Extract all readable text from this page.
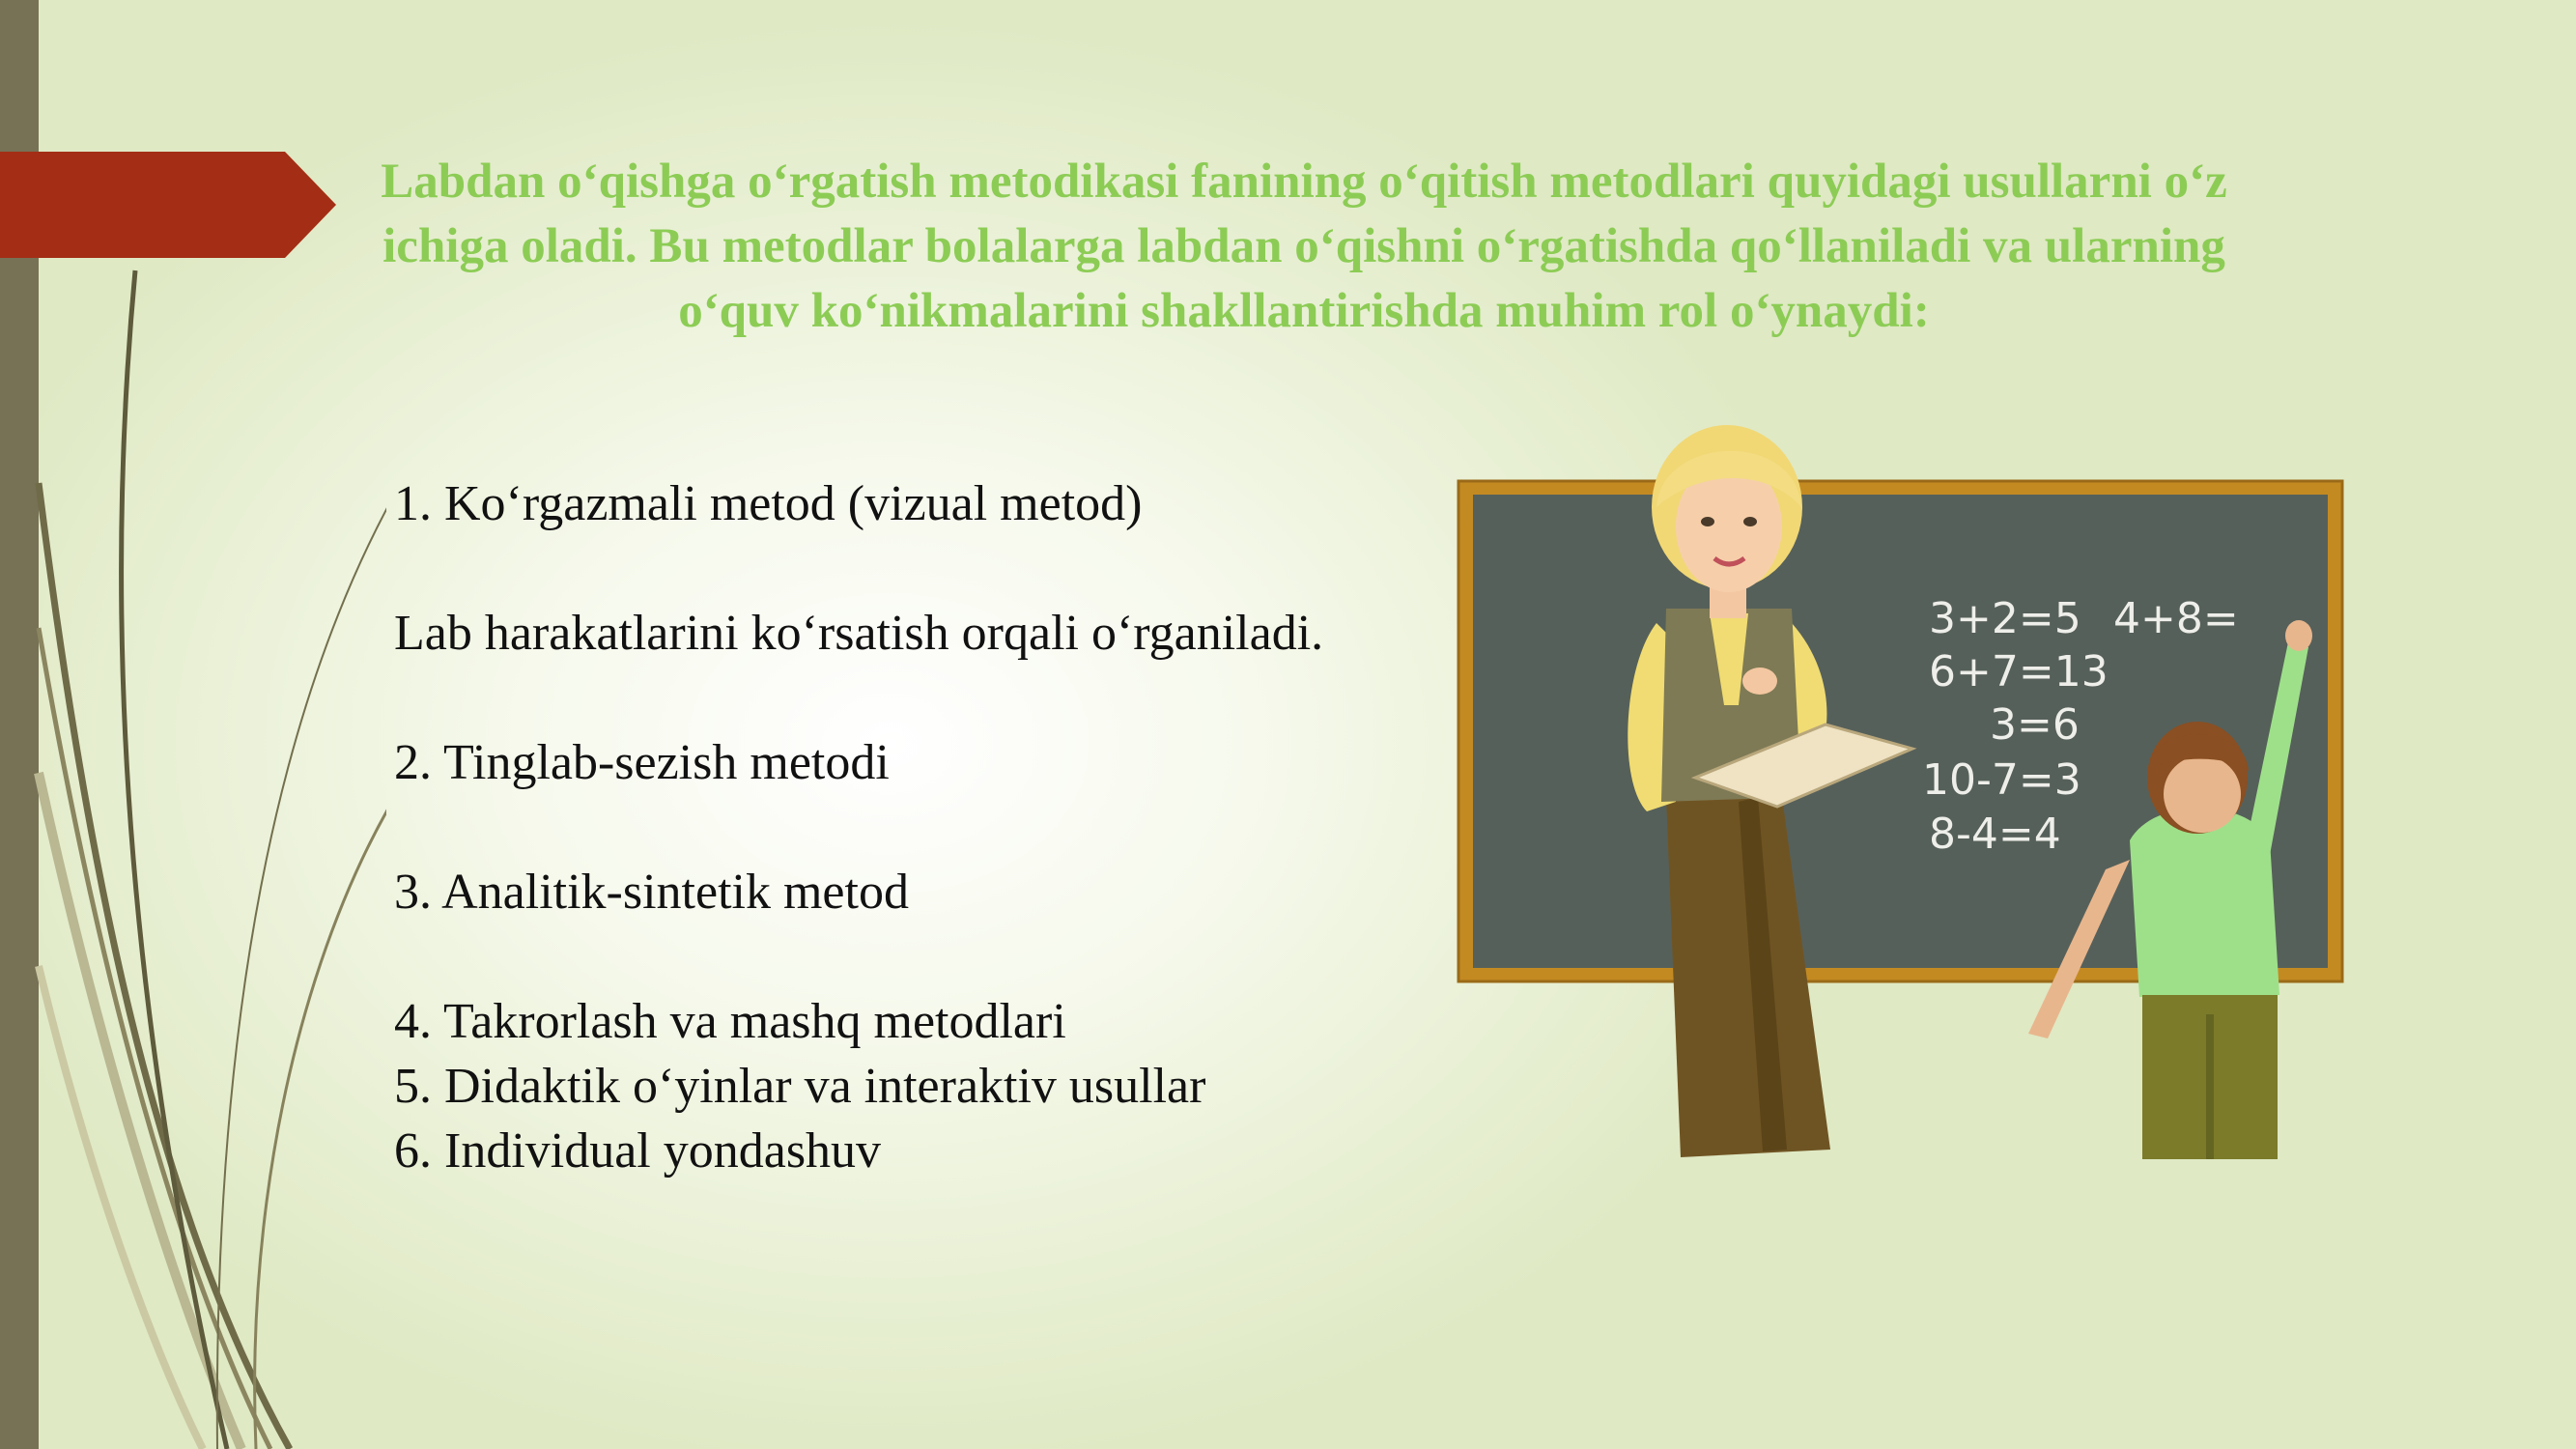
Labdan o‘qishga o‘rgatish metodikasi fanining o‘qitish metodlari quyidagi usullarni o‘z ichiga oladi. Bu metodlar bolalarga labdan o‘qishni o‘rgatishda qo‘llaniladi va ularning o‘quv ko‘nikmalarini shakllantirishda muhim rol o‘ynaydi:

1. Ko‘rgazmali metod (vizual metod)

Lab harakatlarini ko‘rsatish orqali o‘rganiladi.

2. Tinglab-sezish metodi

3. Analitik-sintetik metod

4. Takrorlash va mashq metodlari

5. Didaktik o‘yinlar va interaktiv usullar

6. Individual yondashuv

3+2=5 4+8=
6+7=13
3=6
10-7=3
8-4=4
